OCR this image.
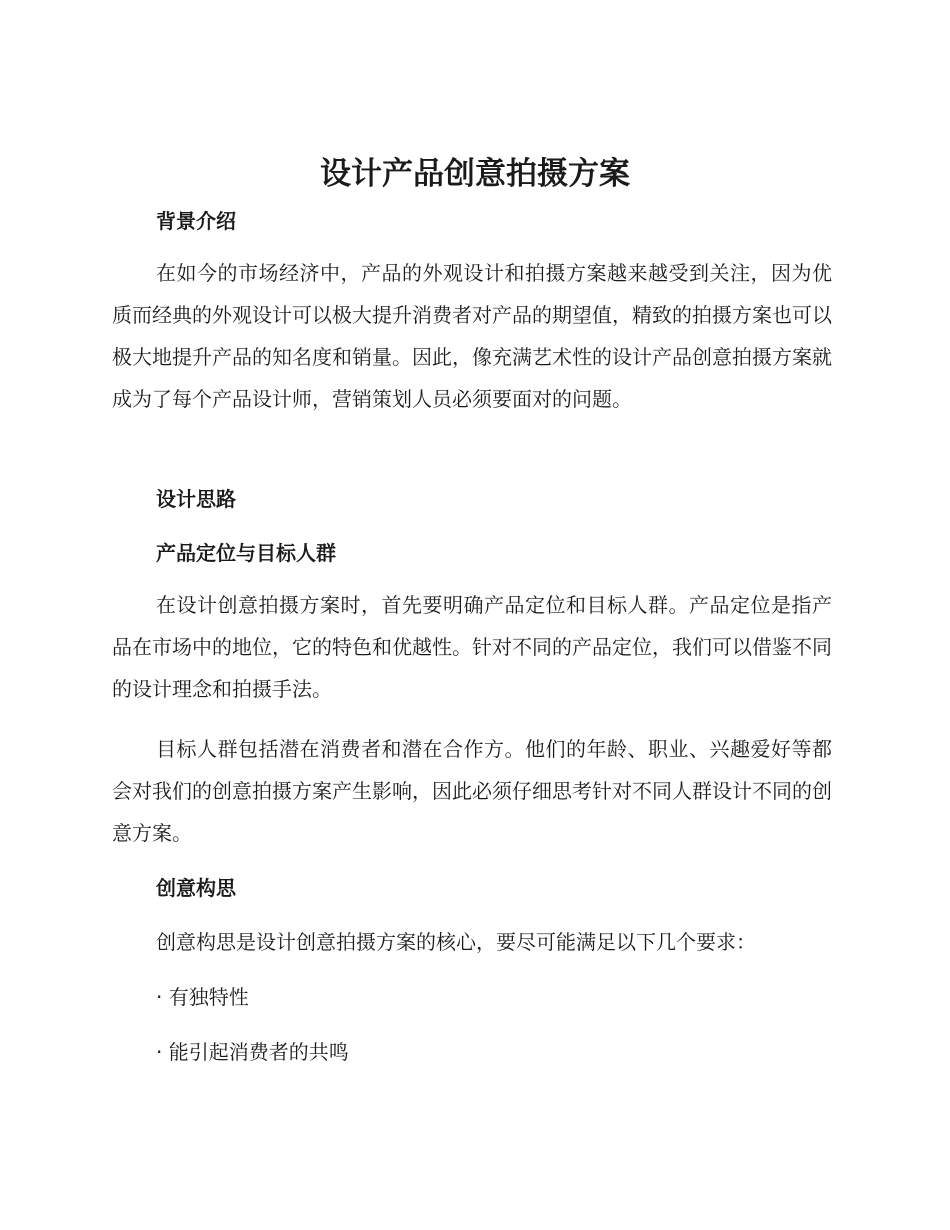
设计产品创意拍摄方案
背景介绍

在如今的市场经济中，产品的外观设计和拍摄方案越来越受到关注，因为优质而经典的外观设计可以极大提升消费者对产品的期望值，精致的拍摄方案也可以极大地提升产品的知名度和销量。因此，像充满艺术性的设计产品创意拍摄方案就成为了每个产品设计师，营销策划人员必须要面对的问题。

设计思路
产品定位与目标人群

在设计创意拍摄方案时，首先要明确产品定位和目标人群。产品定位是指产品在市场中的地位，它的特色和优越性。针对不同的产品定位，我们可以借鉴不同的设计理念和拍摄手法。

目标人群包括潜在消费者和潜在合作方。他们的年龄、职业、兴趣爱好等都会对我们的创意拍摄方案产生影响，因此必须仔细思考针对不同人群设计不同的创意方案。

创意构思

创意构思是设计创意拍摄方案的核心，要尽可能满足以下几个要求：

· 有独特性
· 能引起消费者的共鸣
